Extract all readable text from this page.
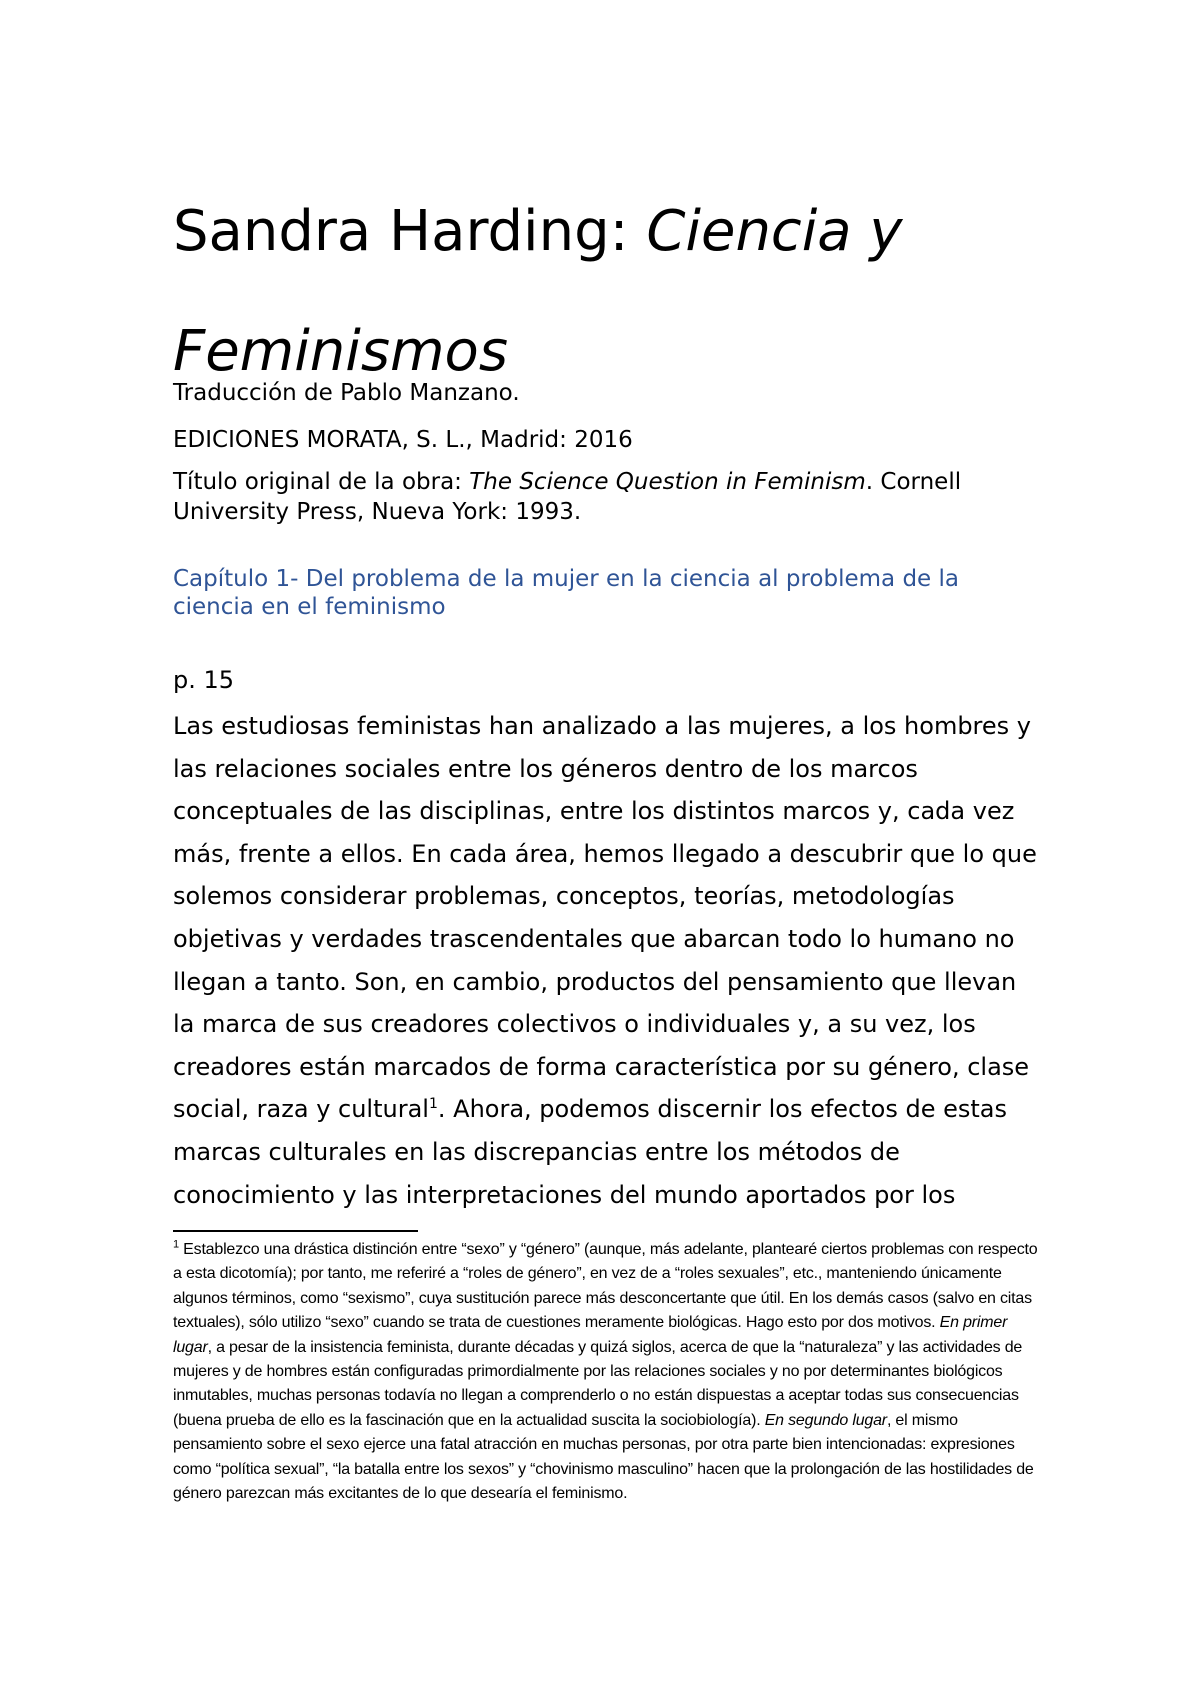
Sandra Harding: Ciencia y Feminismos

Traducción de Pablo Manzano.

EDICIONES MORATA, S. L., Madrid: 2016

Título original de la obra: The Science Question in Feminism. Cornell University Press, Nueva York: 1993.

Capítulo 1- Del problema de la mujer en la ciencia al problema de la ciencia en el feminismo

p. 15

Las estudiosas feministas han analizado a las mujeres, a los hombres y las relaciones sociales entre los géneros dentro de los marcos conceptuales de las disciplinas, entre los distintos marcos y, cada vez más, frente a ellos. En cada área, hemos llegado a descubrir que lo que solemos considerar problemas, conceptos, teorías, metodologías objetivas y verdades trascendentales que abarcan todo lo humano no llegan a tanto. Son, en cambio, productos del pensamiento que llevan la marca de sus creadores colectivos o individuales y, a su vez, los creadores están marcados de forma característica por su género, clase social, raza y cultural$^1$. Ahora, podemos discernir los efectos de estas marcas culturales en las discrepancias entre los métodos de conocimiento y las interpretaciones del mundo aportados por los

$^1$ Establezco una drástica distinción entre “sexo” y “género” (aunque, más adelante, plantearé ciertos problemas con respecto a esta dicotomía); por tanto, me referiré a “roles de género”, en vez de a “roles sexuales”, etc., manteniendo únicamente algunos términos, como “sexismo”, cuya sustitución parece más desconcertante que útil. En los demás casos (salvo en citas textuales), sólo utilizo “sexo” cuando se trata de cuestiones meramente biológicas. Hago esto por dos motivos. En primer lugar, a pesar de la insistencia feminista, durante décadas y quizá siglos, acerca de que la “naturaleza” y las actividades de mujeres y de hombres están configuradas primordialmente por las relaciones sociales y no por determinantes biológicos inmutables, muchas personas todavía no llegan a comprenderlo o no están dispuestas a aceptar todas sus consecuencias (buena prueba de ello es la fascinación que en la actualidad suscita la sociobiología). En segundo lugar, el mismo pensamiento sobre el sexo ejerce una fatal atracción en muchas personas, por otra parte bien intencionadas: expresiones como “política sexual”, “la batalla entre los sexos” y “chovinismo masculino” hacen que la prolongación de las hostilidades de género parezcan más excitantes de lo que desearía el feminismo.
